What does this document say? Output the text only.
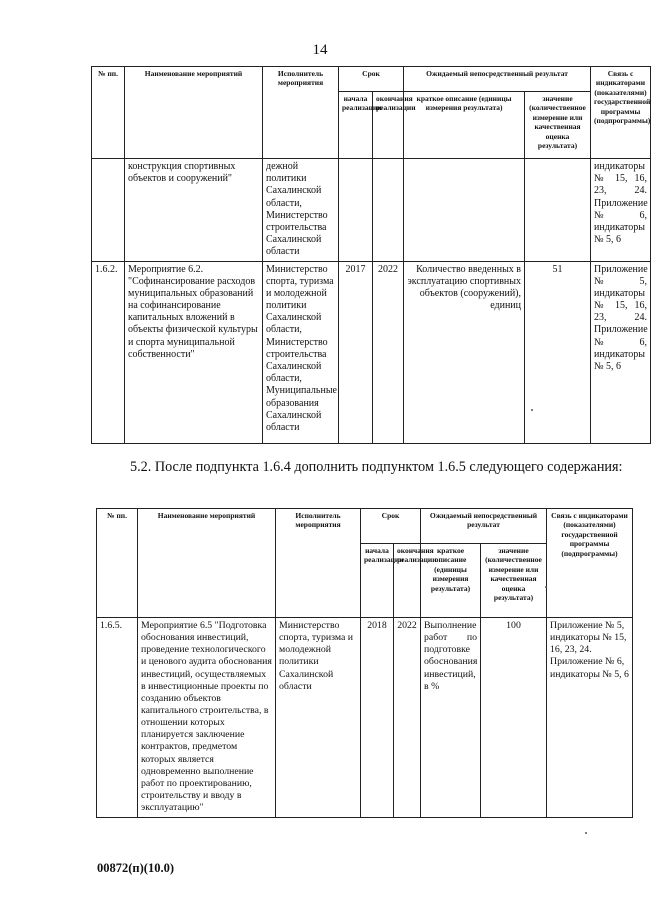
14
№ пп.	Наименование мероприятий	Исполнитель мероприятия	Срок		Ожидаемый непосредственный результат		Связь с индикаторами (показателями) государственной программы (подпрограммы)
			начала реализации	окончания реализации	краткое описание (единицы измерения результата)	значение (количественное измерение или качественная оценка результата)	
	конструкция спортивных объектов и сооружений"	дежной политики Сахалинской области, Министерство строительства Сахалинской области					индикаторы № 15, 16, 23, 24. Приложение № 6, индикаторы № 5, 6
1.6.2.	Мероприятие 6.2. "Софинансирование расходов муниципальных образований на софинансирование капитальных вложений в объекты физической культуры и спорта муниципальной собственности"	Министерство спорта, туризма и молодежной политики Сахалинской области, Министерство строительства Сахалинской области, Муниципальные образования Сахалинской области	2017	2022	Количество введенных в эксплуатацию спортивных объектов (сооружений), единиц	51	Приложение № 5, индикаторы № 15, 16, 23, 24. Приложение № 6, индикаторы № 5, 6
5.2. После подпункта 1.6.4 дополнить подпунктом 1.6.5 следующего содержания:
№ пп.	Наименование мероприятий	Исполнитель мероприятия	Срок		Ожидаемый непосредственный результат		Связь с индикаторами (показателями) государственной программы (подпрограммы)
			начала реализации	окончания реализации	краткое описание (единицы измерения результата)	значение (количественное измерение или качественная оценка результата)	
1.6.5.	Мероприятие 6.5 "Подготовка обоснования инвестиций, проведение технологического и ценового аудита обоснования инвестиций, осуществляемых в инвестиционные проекты по созданию объектов капитального строительства, в отношении которых планируется заключение контрактов, предметом которых является одновременно выполнение работ по проектированию, строительству и вводу в эксплуатацию"	Министерство спорта, туризма и молодежной политики Сахалинской области	2018	2022	Выполнение работ по подготовке обоснования инвестиций, в %	100	Приложение № 5, индикаторы № 15, 16, 23, 24. Приложение № 6, индикаторы № 5, 6
00872(п)(10.0)
